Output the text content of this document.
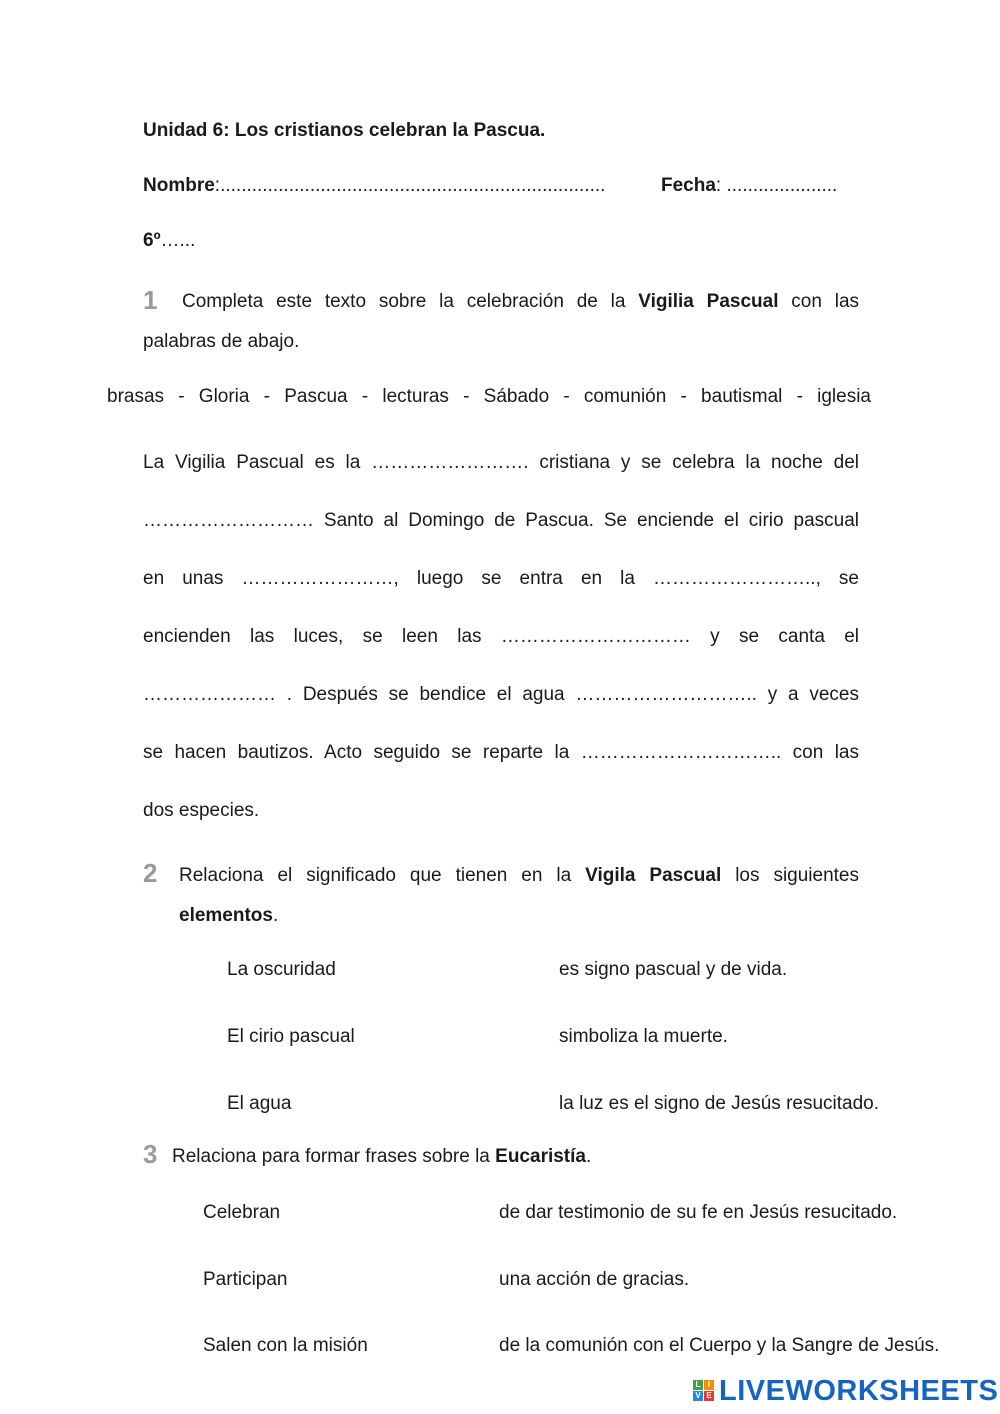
Unidad 6: Los cristianos celebran la Pascua.
Nombre:.........................................................................	Fecha: .....................
6º…...
1 Completa este texto sobre la celebración de la Vigilia Pascual con las
palabras de abajo.
brasas - Gloria - Pascua - lecturas - Sábado - comunión - bautismal - iglesia
La Vigilia Pascual es la ……………………. cristiana y se celebra la noche del
……………………… Santo al Domingo de Pascua. Se enciende el cirio pascual
en unas ……………………, luego se entra en la …………………….., se
encienden las luces, se leen las ………………………… y se canta el
………………… . Después se bendice el agua ……………………….. y a veces
se hacen bautizos. Acto seguido se reparte la ………………………….. con las
dos especies.
2 Relaciona el significado que tienen en la Vigila Pascual los siguientes
elementos.
La oscuridad
El cirio pascual
El agua
es signo pascual y de vida.
simboliza la muerte.
la luz es el signo de Jesús resucitado.
3 Relaciona para formar frases sobre la Eucaristía.
Celebran
Participan
Salen con la misión
de dar testimonio de su fe en Jesús resucitado.
una acción de gracias.
de la comunión con el Cuerpo y la Sangre de Jesús.
L I
V E LIVEWORKSHEETS
